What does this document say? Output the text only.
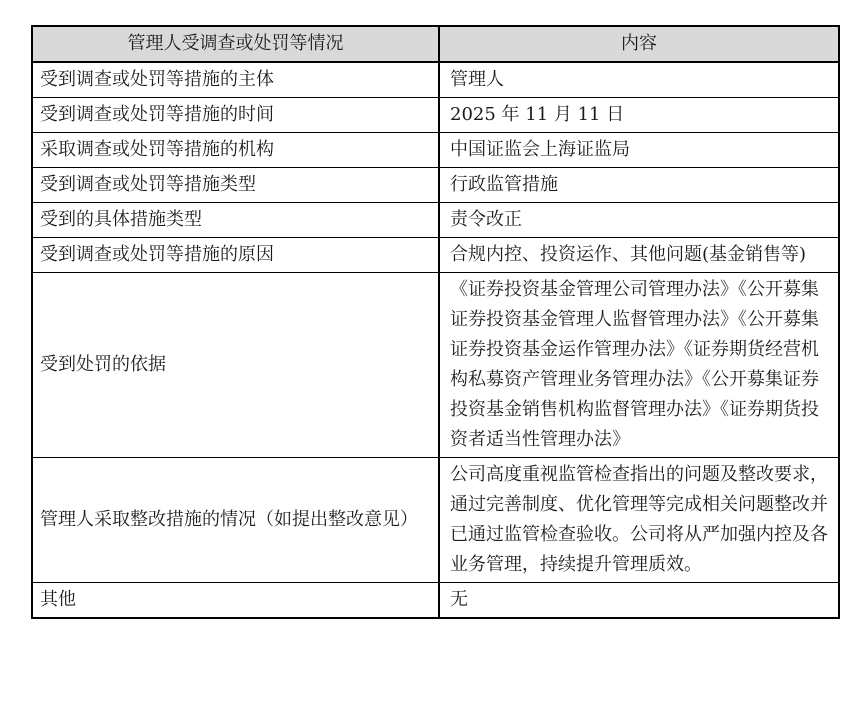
管理人受调查或处罚等情况	内容
受到调查或处罚等措施的主体	管理人
受到调查或处罚等措施的时间	2025 年 11 月 11 日
采取调查或处罚等措施的机构	中国证监会上海证监局
受到调查或处罚等措施类型	行政监管措施
受到的具体措施类型	责令改正
受到调查或处罚等措施的原因	合规内控、投资运作、其他问题(基金销售等)
受到处罚的依据	《证券投资基金管理公司管理办法》《公开募集证券投资基金管理人监督管理办法》《公开募集证券投资基金运作管理办法》《证券期货经营机构私募资产管理业务管理办法》《公开募集证券投资基金销售机构监督管理办法》《证券期货投资者适当性管理办法》
管理人采取整改措施的情况（如提出整改意见）	公司高度重视监管检查指出的问题及整改要求，通过完善制度、优化管理等完成相关问题整改并已通过监管检查验收。公司将从严加强内控及各业务管理，持续提升管理质效。
其他	无
